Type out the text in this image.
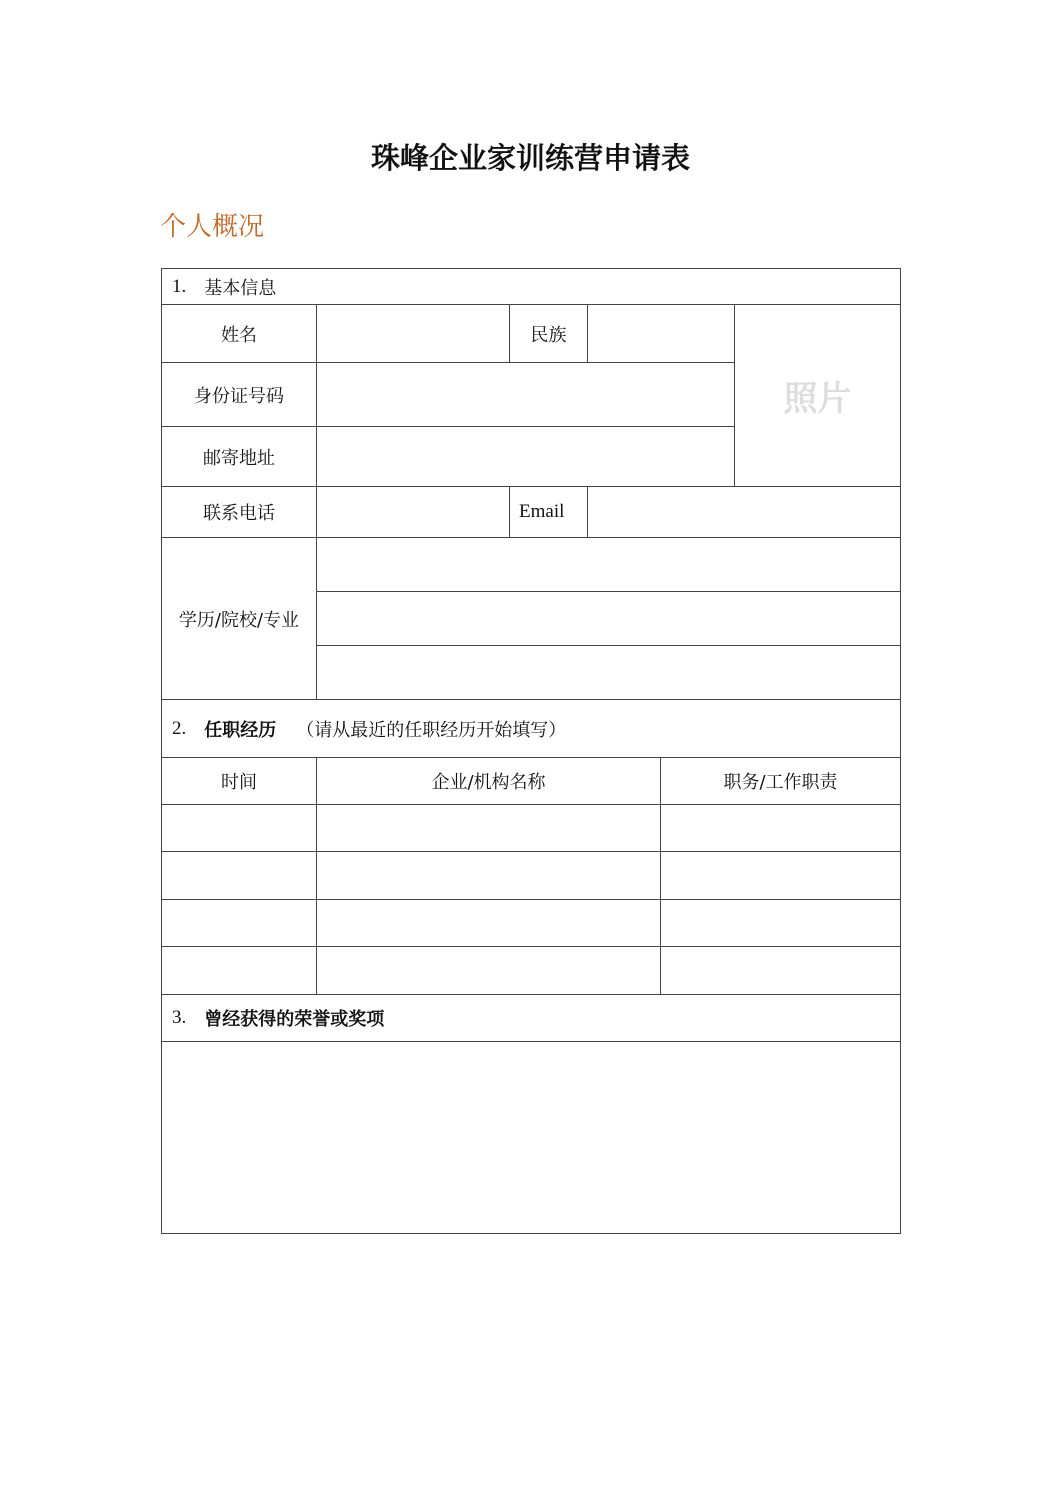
珠峰企业家训练营申请表
个人概况
1. 基本信息
姓名	民族
照片
身份证号码
邮寄地址
联系电话	Email
学历/院校/专业
2. 任职经历 （请从最近的任职经历开始填写）
时间	企业/机构名称	职务/工作职责
3. 曾经获得的荣誉或奖项
